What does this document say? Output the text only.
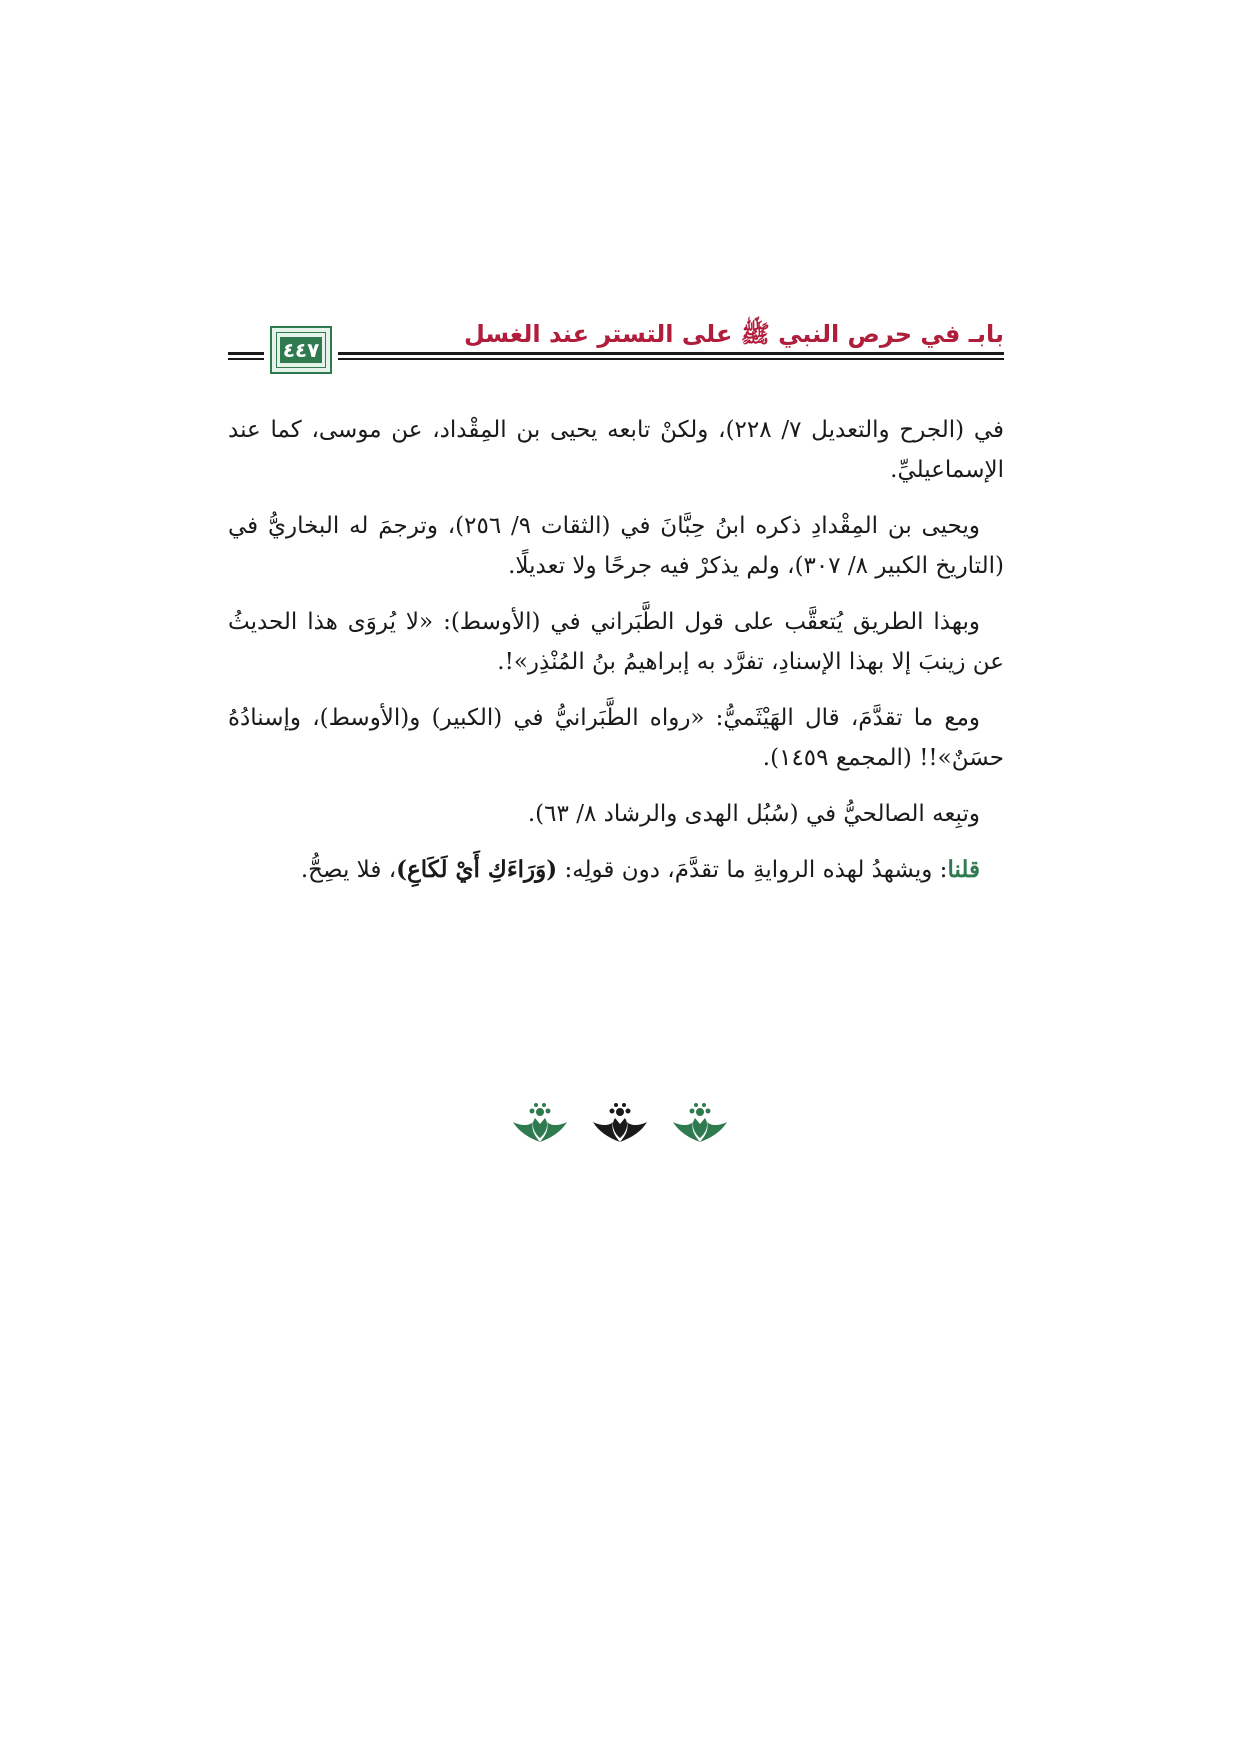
بابـ في حرص النبي ﷺ على التستر عند الغسل
٤٤٧

في (الجرح والتعديل ٧/ ٢٢٨)، ولكنْ تابعه يحيى بن المِقْداد، عن موسى، كما عند الإسماعيليِّ.

ويحيى بن المِقْدادِ ذكره ابنُ حِبَّانَ في (الثقات ٩/ ٢٥٦)، وترجمَ له البخاريُّ في (التاريخ الكبير ٨/ ٣٠٧)، ولم يذكرْ فيه جرحًا ولا تعديلًا.

وبهذا الطريق يُتعقَّب على قول الطَّبَراني في (الأوسط): «لا يُروَى هذا الحديثُ عن زينبَ إلا بهذا الإسنادِ، تفرَّد به إبراهيمُ بنُ المُنْذِر»!.

ومع ما تقدَّمَ، قال الهَيْثَميُّ: «رواه الطَّبَرانيُّ في (الكبير) و(الأوسط)، وإسنادُهُ حسَنٌ»!! (المجمع ١٤٥٩).

وتبِعه الصالحيُّ في (سُبُل الهدى والرشاد ٨/ ٦٣).

قلنا: ويشهدُ لهذه الروايةِ ما تقدَّمَ، دون قولِه: (وَرَاءَكِ أَيْ لَكَاعِ)، فلا يصِحُّ.
